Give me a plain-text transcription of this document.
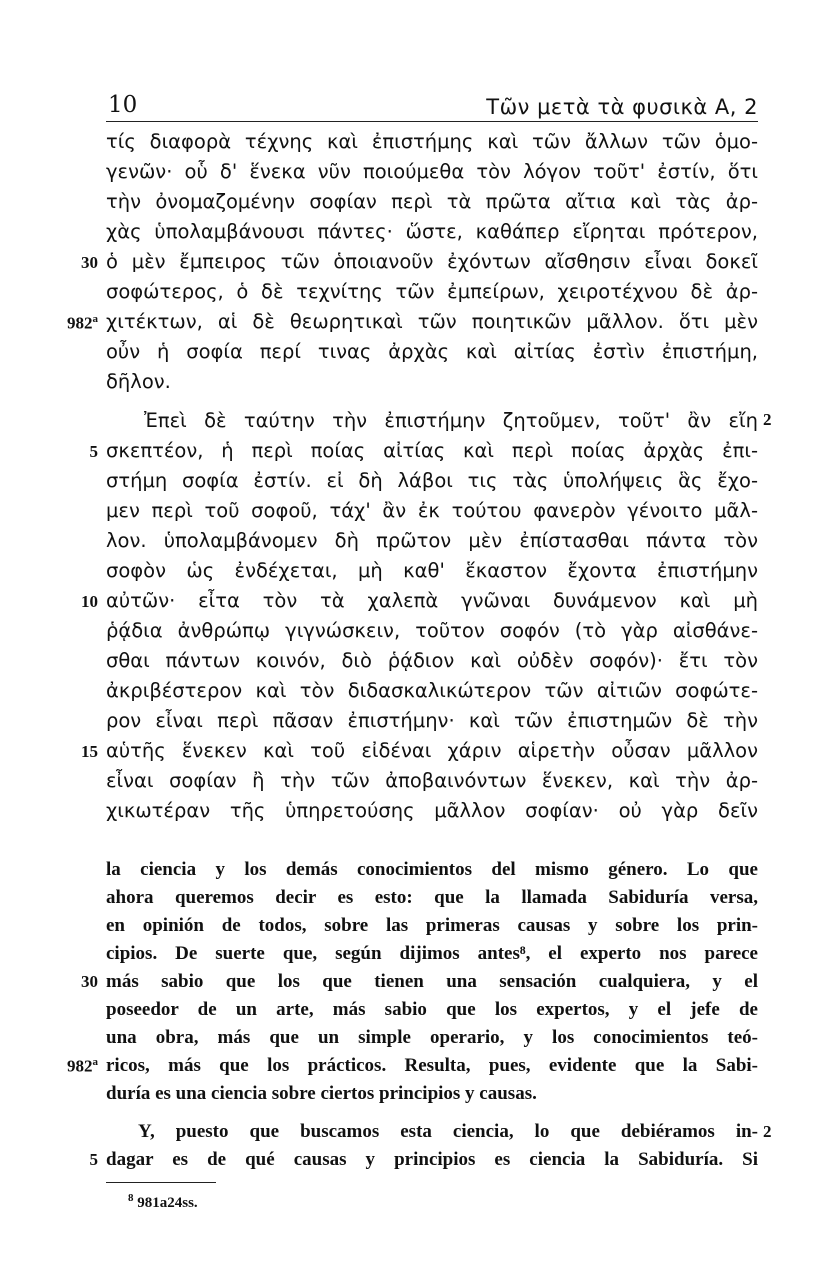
10	Τῶν μετὰ τὰ φυσικὰ Α, 2
τίς διαφορὰ τέχνης καὶ ἐπιστήμης καὶ τῶν ἄλλων τῶν ὁμο-
γενῶν· οὗ δ' ἕνεκα νῦν ποιούμεθα τὸν λόγον τοῦτ' ἐστίν, ὅτι
τὴν ὀνομαζομένην σοφίαν περὶ τὰ πρῶτα αἴτια καὶ τὰς ἀρ-
χὰς ὑπολαμβάνουσι πάντες· ὥστε, καθάπερ εἴρηται πρότερον,
ὁ μὲν ἔμπειρος τῶν ὁποιανοῦν ἐχόντων αἴσθησιν εἶναι δοκεῖ
σοφώτερος, ὁ δὲ τεχνίτης τῶν ἐμπείρων, χειροτέχνου δὲ ἀρ-
χιτέκτων, αἱ δὲ θεωρητικαὶ τῶν ποιητικῶν μᾶλλον. ὅτι μὲν
οὖν ἡ σοφία περί τινας ἀρχὰς καὶ αἰτίας ἐστὶν ἐπιστήμη,
δῆλον.
Ἐπεὶ δὲ ταύτην τὴν ἐπιστήμην ζητοῦμεν, τοῦτ' ἂν εἴη
σκεπτέον, ἡ περὶ ποίας αἰτίας καὶ περὶ ποίας ἀρχὰς ἐπι-
στήμη σοφία ἐστίν. εἰ δὴ λάβοι τις τὰς ὑπολήψεις ἃς ἔχο-
μεν περὶ τοῦ σοφοῦ, τάχ' ἂν ἐκ τούτου φανερὸν γένοιτο μᾶλ-
λον. ὑπολαμβάνομεν δὴ πρῶτον μὲν ἐπίστασθαι πάντα τὸν
σοφὸν ὡς ἐνδέχεται, μὴ καθ' ἕκαστον ἔχοντα ἐπιστήμην
αὐτῶν· εἶτα τὸν τὰ χαλεπὰ γνῶναι δυνάμενον καὶ μὴ
ῥᾴδια ἀνθρώπῳ γιγνώσκειν, τοῦτον σοφόν (τὸ γὰρ αἰσθάνε-
σθαι πάντων κοινόν, διὸ ῥᾴδιον καὶ οὐδὲν σοφόν)· ἔτι τὸν
ἀκριβέστερον καὶ τὸν διδασκαλικώτερον τῶν αἰτιῶν σοφώτε-
ρον εἶναι περὶ πᾶσαν ἐπιστήμην· καὶ τῶν ἐπιστημῶν δὲ τὴν
αὑτῆς ἕνεκεν καὶ τοῦ εἰδέναι χάριν αἱρετὴν οὖσαν μᾶλλον
εἶναι σοφίαν ἢ τὴν τῶν ἀποβαινόντων ἕνεκεν, καὶ τὴν ἀρ-
χικωτέραν τῆς ὑπηρετούσης μᾶλλον σοφίαν· οὐ γὰρ δεῖν
30
982$^a$
5
10
15
2
la ciencia y los demás conocimientos del mismo género. Lo que
ahora queremos decir es esto: que la llamada Sabiduría versa,
en opinión de todos, sobre las primeras causas y sobre los prin-
cipios. De suerte que, según dijimos antes⁸, el experto nos parece
más sabio que los que tienen una sensación cualquiera, y el
poseedor de un arte, más sabio que los expertos, y el jefe de
una obra, más que un simple operario, y los conocimientos teó-
ricos, más que los prácticos. Resulta, pues, evidente que la Sabi-
duría es una ciencia sobre ciertos principios y causas.
Y, puesto que buscamos esta ciencia, lo que debiéramos in-
dagar es de qué causas y principios es ciencia la Sabiduría. Si
30
982$^a$
5
2
$^8$ 981a24ss.
